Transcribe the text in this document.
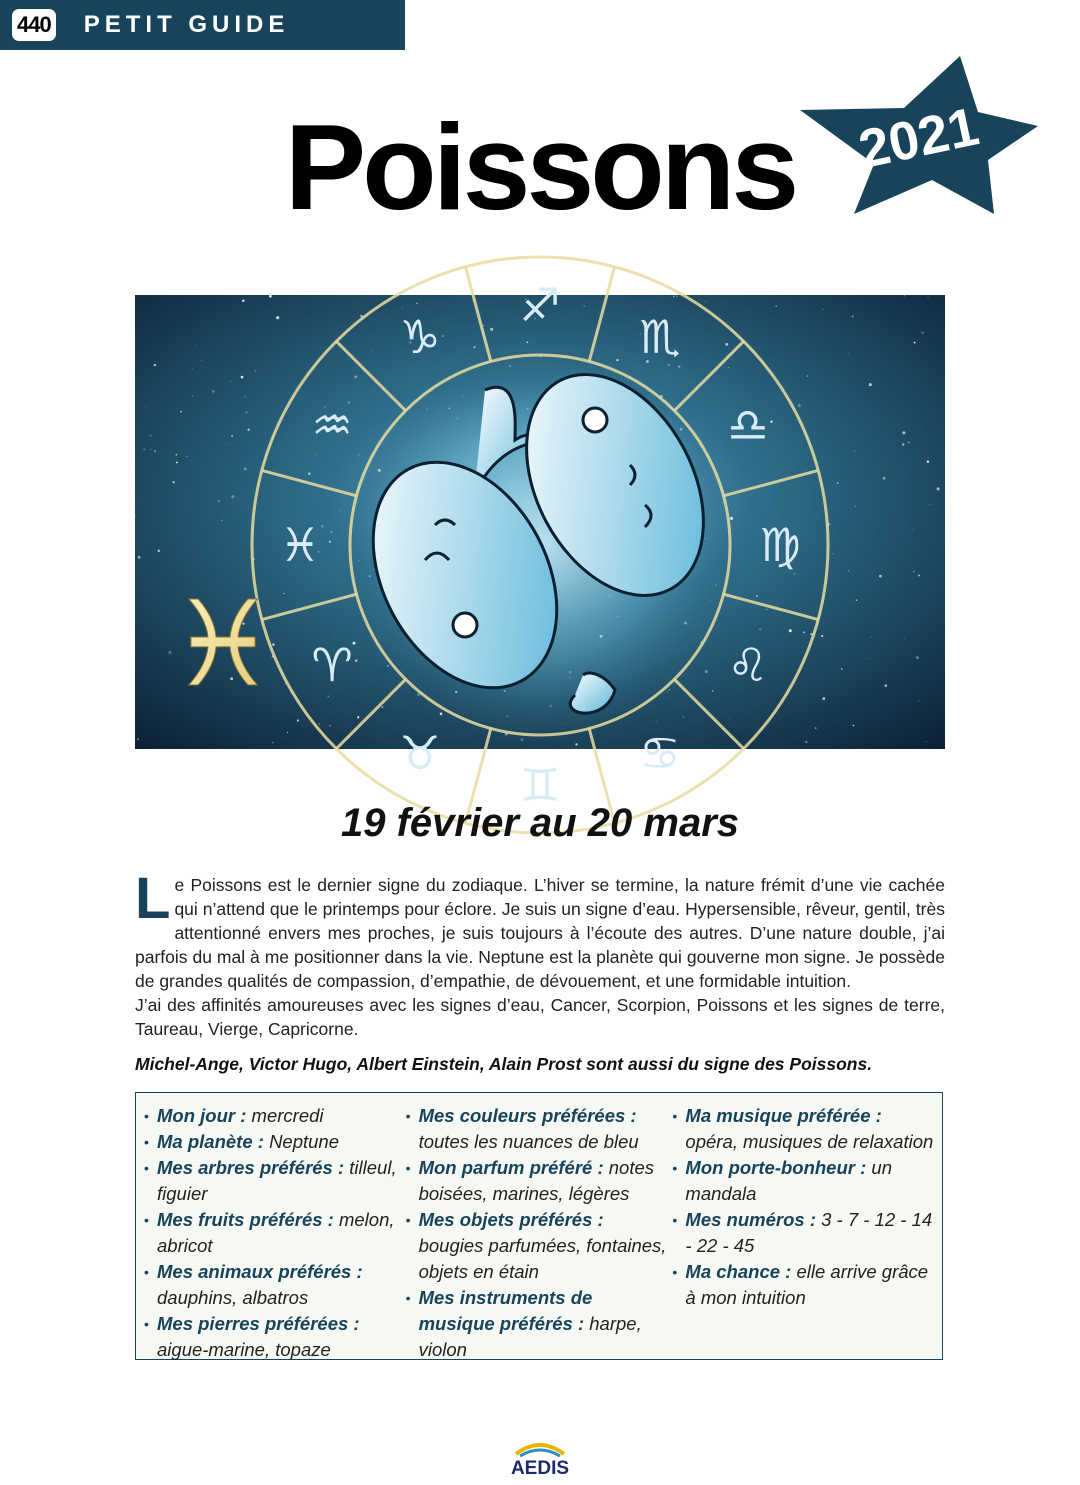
440 PETIT GUIDE
Poissons	2021
♑
♐
♏
♒	♎
♓	♍
♈	♌
♉
♊
♋
♓
19 février au 20 mars
L e Poissons est le dernier signe du zodiaque. L’hiver se termine, la nature frémit d’une vie cachée qui n’attend que le printemps pour éclore. Je suis un signe d’eau. Hypersensible, rêveur, gentil, très attentionné envers mes proches, je suis toujours à l’écoute des autres. D’une nature double, j’ai parfois du mal à me positionner dans la vie. Neptune est la planète qui gouverne mon signe. Je possède de grandes qualités de compassion, d’empathie, de dévouement, et une formidable intuition.

J’ai des affinités amoureuses avec les signes d’eau, Cancer, Scorpion, Poissons et les signes de terre, Taureau, Vierge, Capricorne.

Michel-Ange, Victor Hugo, Albert Einstein, Alain Prost sont aussi du signe des Poissons.
• Mon jour : mercredi
• Ma planète : Neptune
• Mes arbres préférés : tilleul, figuier
• Mes fruits préférés : melon, abricot
• Mes animaux préférés : dauphins, albatros
• Mes pierres préférées : aigue-marine, topaze
• Mes couleurs préférées : toutes les nuances de bleu
• Mon parfum préféré : notes boisées, marines, légères
• Mes objets préférés : bougies parfumées, fontaines, objets en étain
• Mes instruments de musique préférés : harpe, violon
• Ma musique préférée : opéra, musiques de relaxation
• Mon porte-bonheur : un mandala
• Mes numéros : 3 - 7 - 12 - 14 - 22 - 45
• Ma chance : elle arrive grâce à mon intuition
AEDIS
